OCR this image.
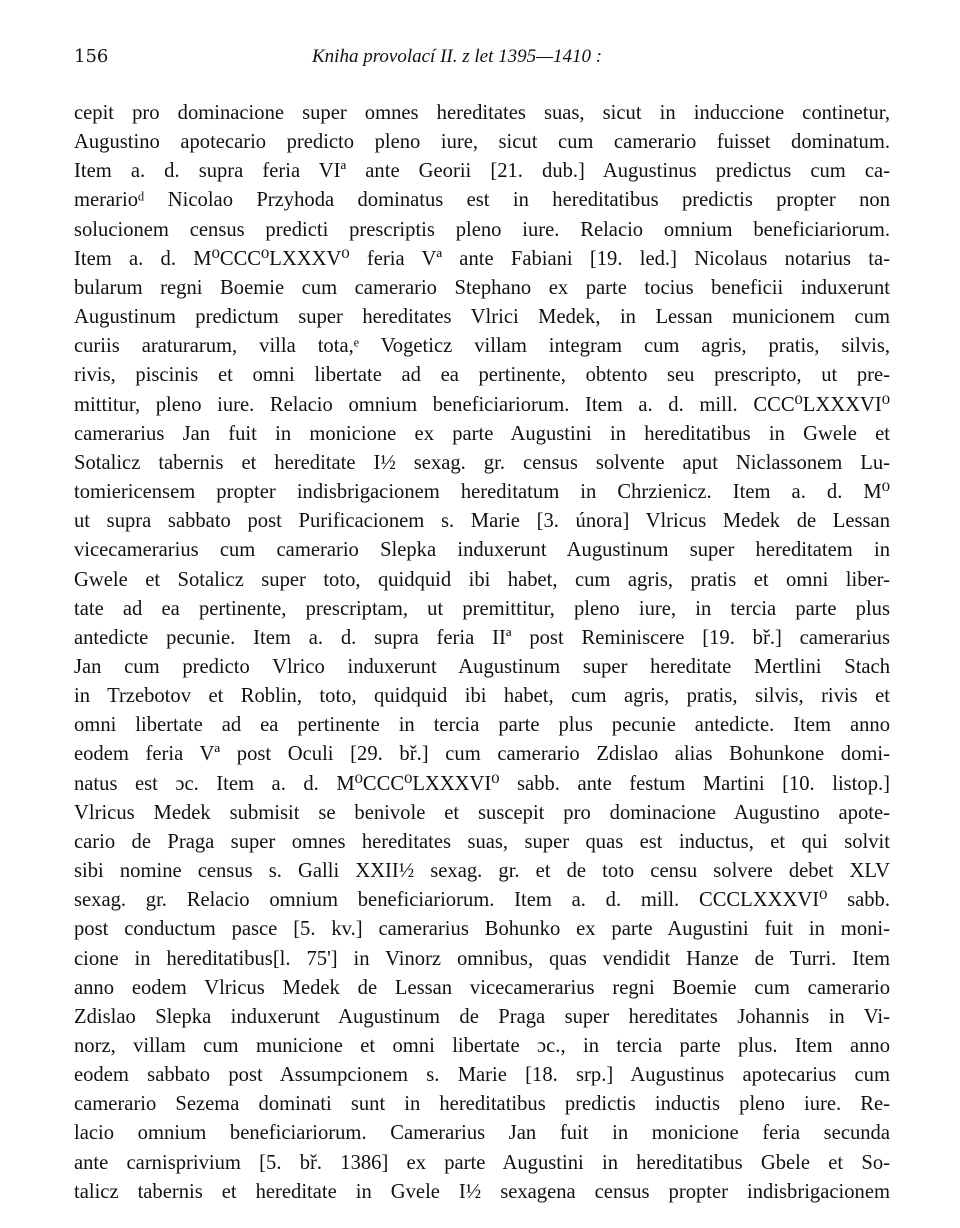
156	Kniha provolací II. z let 1395—1410 :
cepit pro dominacione super omnes hereditates suas, sicut in induccione continetur,
Augustino apotecario predicto pleno iure, sicut cum camerario fuisset dominatum.
Item a. d. supra feria VIª ante Georii [21. dub.] Augustinus predictus cum ca-
merarioᵈ Nicolao Przyhoda dominatus est in hereditatibus predictis propter non
solucionem census predicti prescriptis pleno iure. Relacio omnium beneficiariorum.
Item a. d. M⁰CCC⁰LXXXV⁰ feria Vª ante Fabiani [19. led.] Nicolaus notarius ta-
bularum regni Boemie cum camerario Stephano ex parte tocius beneficii induxerunt
Augustinum predictum super hereditates Vlrici Medek, in Lessan municionem cum
curiis araturarum, villa tota,ᵉ Vogeticz villam integram cum agris, pratis, silvis,
rivis, piscinis et omni libertate ad ea pertinente, obtento seu prescripto, ut pre-
mittitur, pleno iure. Relacio omnium beneficiariorum. Item a. d. mill. CCC⁰LXXXVI⁰
camerarius Jan fuit in monicione ex parte Augustini in hereditatibus in Gwele et
Sotalicz tabernis et hereditate I½ sexag. gr. census solvente aput Niclassonem Lu-
tomiericensem propter indisbrigacionem hereditatum in Chrzienicz. Item a. d. M⁰
ut supra sabbato post Purificacionem s. Marie [3. února] Vlricus Medek de Lessan
vicecamerarius cum camerario Slepka induxerunt Augustinum super hereditatem in
Gwele et Sotalicz super toto, quidquid ibi habet, cum agris, pratis et omni liber-
tate ad ea pertinente, prescriptam, ut premittitur, pleno iure, in tercia parte plus
antedicte pecunie. Item a. d. supra feria IIª post Reminiscere [19. bř.] camerarius
Jan cum predicto Vlrico induxerunt Augustinum super hereditate Mertlini Stach
in Trzebotov et Roblin, toto, quidquid ibi habet, cum agris, pratis, silvis, rivis et
omni libertate ad ea pertinente in tercia parte plus pecunie antedicte. Item anno
eodem feria Vª post Oculi [29. bř.] cum camerario Zdislao alias Bohunkone domi-
natus est ɔc. Item a. d. M⁰CCC⁰LXXXVI⁰ sabb. ante festum Martini [10. listop.]
Vlricus Medek submisit se benivole et suscepit pro dominacione Augustino apote-
cario de Praga super omnes hereditates suas, super quas est inductus, et qui solvit
sibi nomine census s. Galli XXII½ sexag. gr. et de toto censu solvere debet XLV
sexag. gr. Relacio omnium beneficiariorum. Item a. d. mill. CCCLXXXVI⁰ sabb.
post conductum pasce [5. kv.] camerarius Bohunko ex parte Augustini fuit in moni-
cione in hereditatibus[l. 75'] in Vinorz omnibus, quas vendidit Hanze de Turri. Item
anno eodem Vlricus Medek de Lessan vicecamerarius regni Boemie cum camerario
Zdislao Slepka induxerunt Augustinum de Praga super hereditates Johannis in Vi-
norz, villam cum municione et omni libertate ɔc., in tercia parte plus. Item anno
eodem sabbato post Assumpcionem s. Marie [18. srp.] Augustinus apotecarius cum
camerario Sezema dominati sunt in hereditatibus predictis inductis pleno iure. Re-
lacio omnium beneficiariorum. Camerarius Jan fuit in monicione feria secunda
ante carnisprivium [5. bř. 1386] ex parte Augustini in hereditatibus Gbele et So-
talicz tabernis et hereditate in Gvele I½ sexagena census propter indisbrigacionem
